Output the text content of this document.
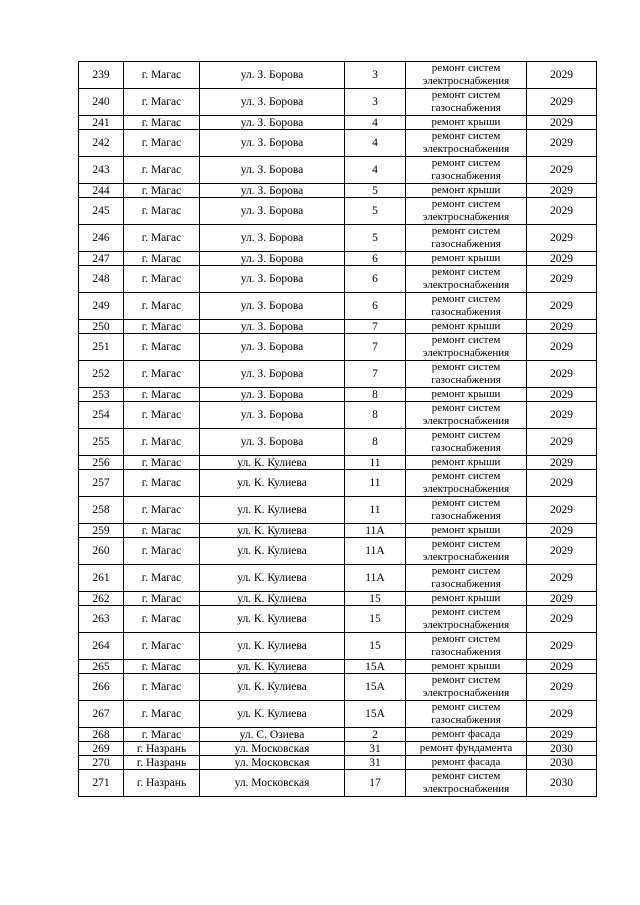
239	г. Магас	ул. З. Борова	3	ремонт систем электроснабжения	2029
240	г. Магас	ул. З. Борова	3	ремонт систем газоснабжения	2029
241	г. Магас	ул. З. Борова	4	ремонт крыши	2029
242	г. Магас	ул. З. Борова	4	ремонт систем электроснабжения	2029
243	г. Магас	ул. З. Борова	4	ремонт систем газоснабжения	2029
244	г. Магас	ул. З. Борова	5	ремонт крыши	2029
245	г. Магас	ул. З. Борова	5	ремонт систем электроснабжения	2029
246	г. Магас	ул. З. Борова	5	ремонт систем газоснабжения	2029
247	г. Магас	ул. З. Борова	6	ремонт крыши	2029
248	г. Магас	ул. З. Борова	6	ремонт систем электроснабжения	2029
249	г. Магас	ул. З. Борова	6	ремонт систем газоснабжения	2029
250	г. Магас	ул. З. Борова	7	ремонт крыши	2029
251	г. Магас	ул. З. Борова	7	ремонт систем электроснабжения	2029
252	г. Магас	ул. З. Борова	7	ремонт систем газоснабжения	2029
253	г. Магас	ул. З. Борова	8	ремонт крыши	2029
254	г. Магас	ул. З. Борова	8	ремонт систем электроснабжения	2029
255	г. Магас	ул. З. Борова	8	ремонт систем газоснабжения	2029
256	г. Магас	ул. К. Кулиева	11	ремонт крыши	2029
257	г. Магас	ул. К. Кулиева	11	ремонт систем электроснабжения	2029
258	г. Магас	ул. К. Кулиева	11	ремонт систем газоснабжения	2029
259	г. Магас	ул. К. Кулиева	11А	ремонт крыши	2029
260	г. Магас	ул. К. Кулиева	11А	ремонт систем электроснабжения	2029
261	г. Магас	ул. К. Кулиева	11А	ремонт систем газоснабжения	2029
262	г. Магас	ул. К. Кулиева	15	ремонт крыши	2029
263	г. Магас	ул. К. Кулиева	15	ремонт систем электроснабжения	2029
264	г. Магас	ул. К. Кулиева	15	ремонт систем газоснабжения	2029
265	г. Магас	ул. К. Кулиева	15А	ремонт крыши	2029
266	г. Магас	ул. К. Кулиева	15А	ремонт систем электроснабжения	2029
267	г. Магас	ул. К. Кулиева	15А	ремонт систем газоснабжения	2029
268	г. Магас	ул. С. Озиева	2	ремонт фасада	2029
269	г. Назрань	ул. Московская	31	ремонт фундамента	2030
270	г. Назрань	ул. Московская	31	ремонт фасада	2030
271	г. Назрань	ул. Московская	17	ремонт систем электроснабжения	2030
